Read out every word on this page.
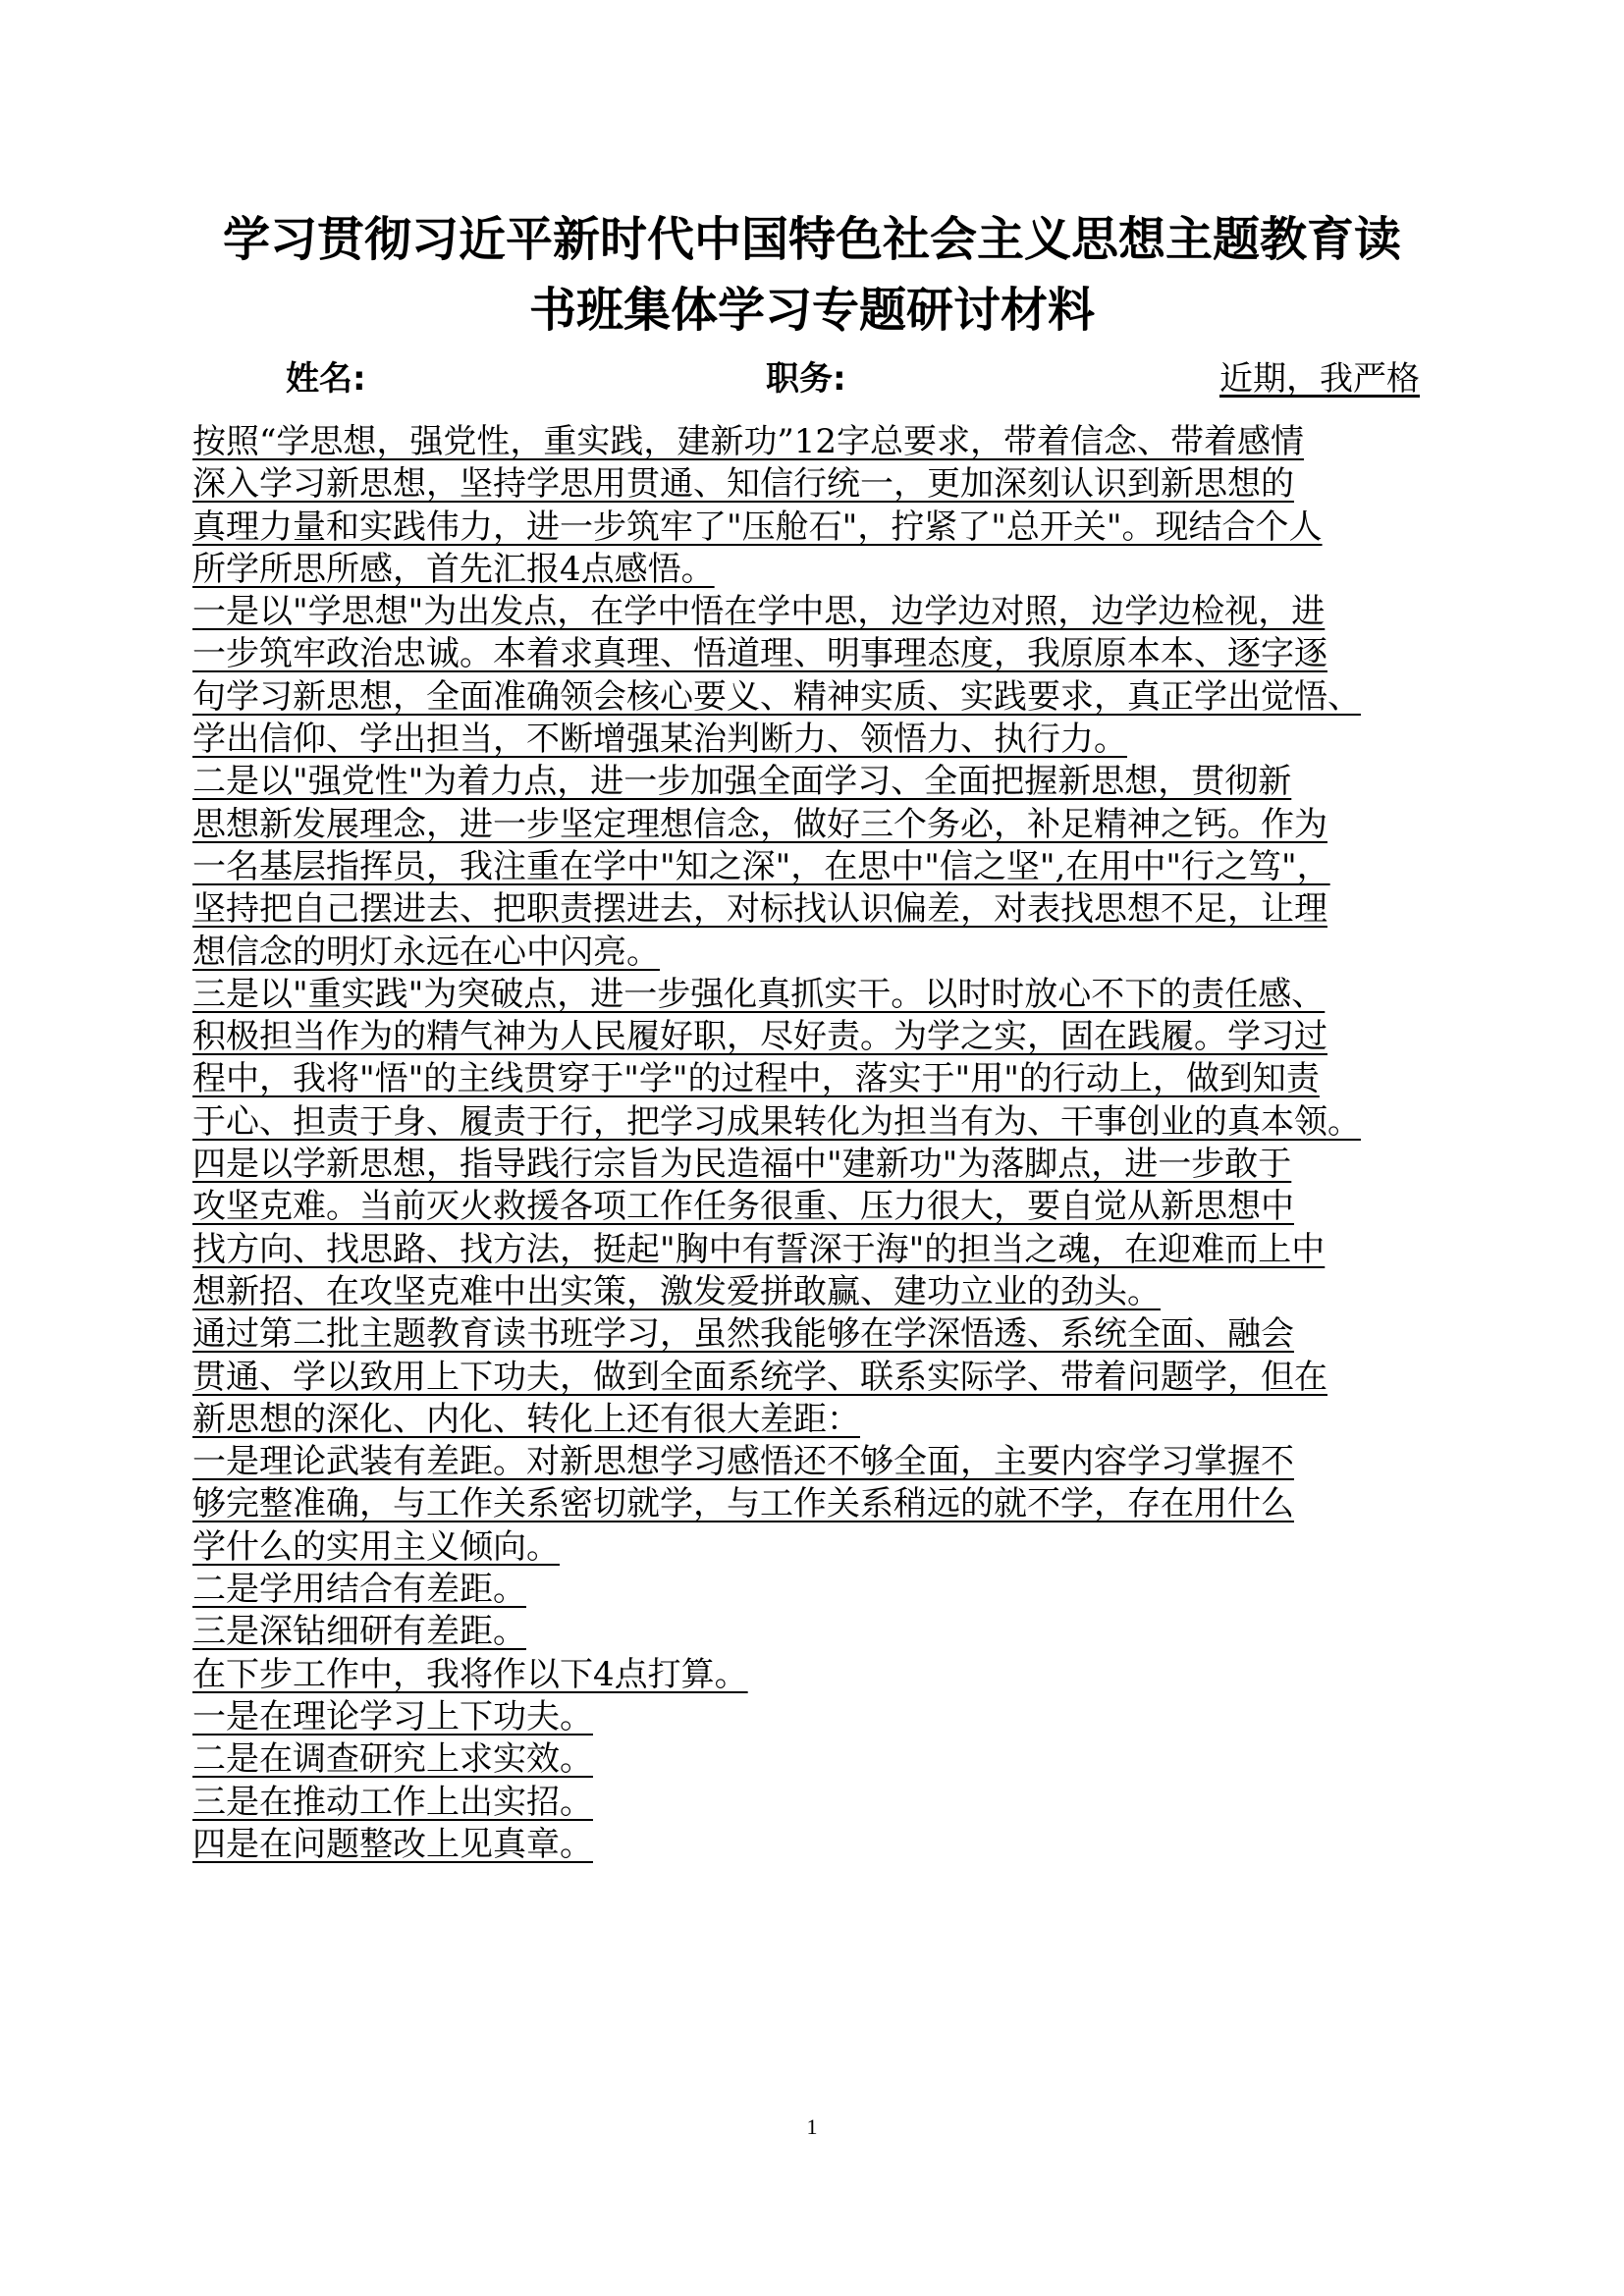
学习贯彻习近平新时代中国特色社会主义思想主题教育读
书班集体学习专题研讨材料
姓名:	职务:	近期，我严格
按照“学思想，强党性，重实践，建新功”12字总要求，带着信念、带着感情
深入学习新思想，坚持学思用贯通、知信行统一，更加深刻认识到新思想的
真理力量和实践伟力，进一步筑牢了"压舱石"，拧紧了"总开关"。现结合个人
所学所思所感，首先汇报4点感悟。
一是以"学思想"为出发点，在学中悟在学中思，边学边对照，边学边检视，进
一步筑牢政治忠诚。本着求真理、悟道理、明事理态度，我原原本本、逐字逐
句学习新思想，全面准确领会核心要义、精神实质、实践要求，真正学出觉悟、
学出信仰、学出担当，不断增强某治判断力、领悟力、执行力。
二是以"强党性"为着力点，进一步加强全面学习、全面把握新思想，贯彻新
思想新发展理念，进一步坚定理想信念，做好三个务必，补足精神之钙。作为
一名基层指挥员，我注重在学中"知之深"，在思中"信之坚",在用中"行之笃"，
坚持把自己摆进去、把职责摆进去，对标找认识偏差，对表找思想不足，让理
想信念的明灯永远在心中闪亮。
三是以"重实践"为突破点，进一步强化真抓实干。以时时放心不下的责任感、
积极担当作为的精气神为人民履好职，尽好责。为学之实，固在践履。学习过
程中，我将"悟"的主线贯穿于"学"的过程中，落实于"用"的行动上，做到知责
于心、担责于身、履责于行，把学习成果转化为担当有为、干事创业的真本领。
四是以学新思想，指导践行宗旨为民造福中"建新功"为落脚点，进一步敢于
攻坚克难。当前灭火救援各项工作任务很重、压力很大，要自觉从新思想中
找方向、找思路、找方法，挺起"胸中有誓深于海"的担当之魂，在迎难而上中
想新招、在攻坚克难中出实策，激发爱拼敢赢、建功立业的劲头。
通过第二批主题教育读书班学习，虽然我能够在学深悟透、系统全面、融会
贯通、学以致用上下功夫，做到全面系统学、联系实际学、带着问题学，但在
新思想的深化、内化、转化上还有很大差距：
一是理论武装有差距。对新思想学习感悟还不够全面，主要内容学习掌握不
够完整准确，与工作关系密切就学，与工作关系稍远的就不学，存在用什么
学什么的实用主义倾向。
二是学用结合有差距。
三是深钻细研有差距。
在下步工作中，我将作以下4点打算。
一是在理论学习上下功夫。
二是在调查研究上求实效。
三是在推动工作上出实招。
四是在问题整改上见真章。
1
